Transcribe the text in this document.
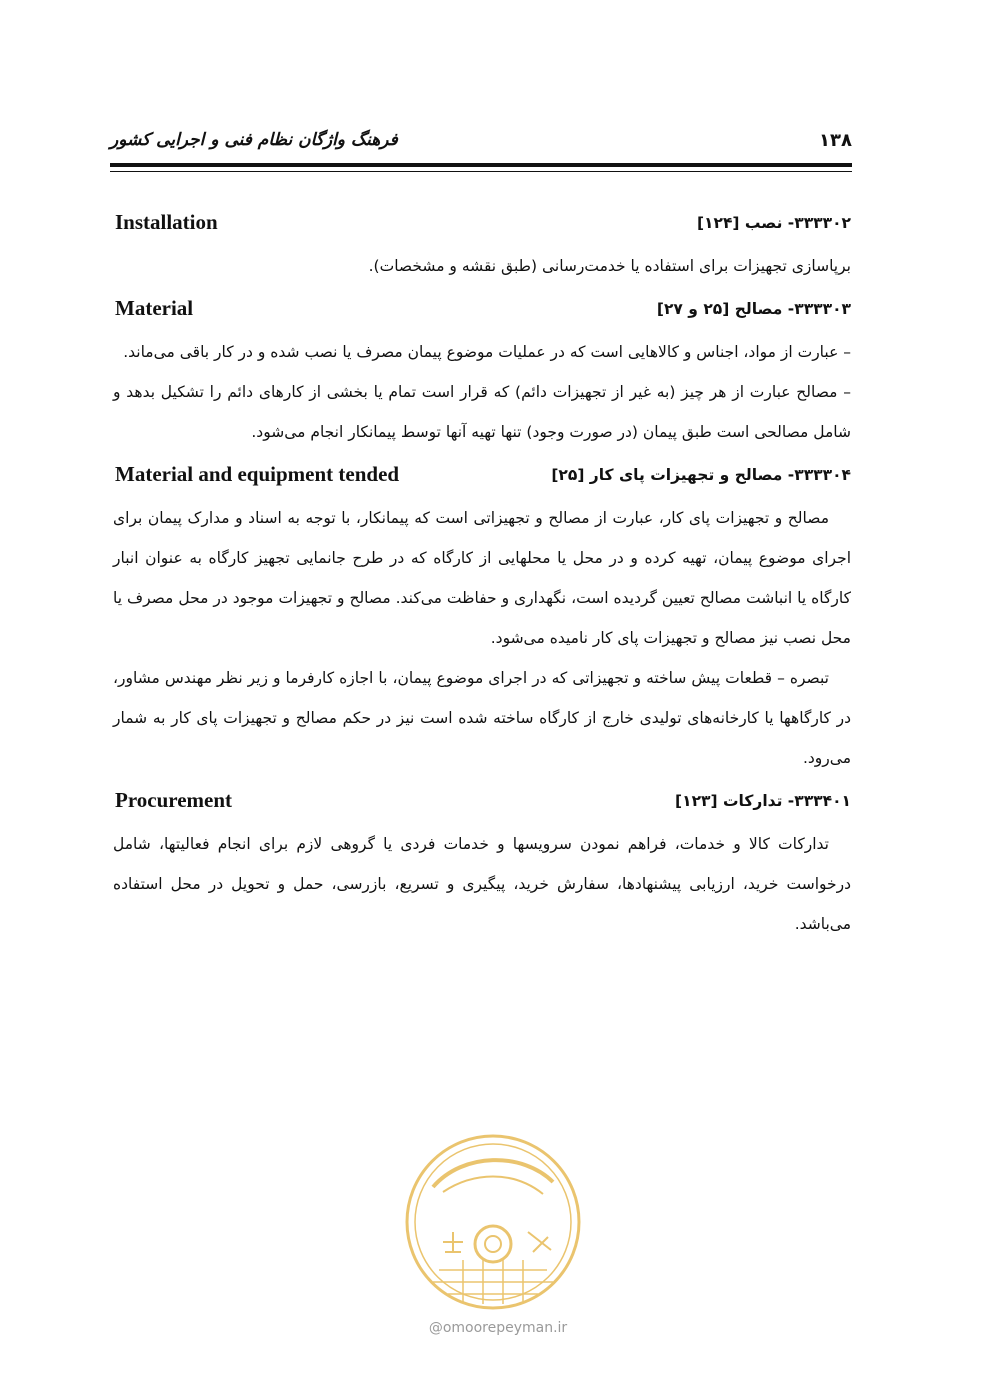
فرهنگ واژگان نظام فنی و اجرایی کشور	۱۳۸
۳۳۳۳۰۲- نصب [۱۲۴]
Installation

برپاسازی تجهیزات برای استفاده یا خدمت‌رسانی (طبق نقشه و مشخصات).

۳۳۳۳۰۳- مصالح [۲۵ و ۲۷]
Material

– عبارت از مواد، اجناس و کالاهایی است که در عملیات موضوع پیمان مصرف یا نصب شده و در کار باقی می‌ماند.

– مصالح عبارت از هر چیز (به غیر از تجهیزات دائم) که قرار است تمام یا بخشی از کارهای دائم را تشکیل بدهد و شامل مصالحی است طبق پیمان (در صورت وجود) تنها تهیه آنها توسط پیمانکار انجام می‌شود.

۳۳۳۳۰۴- مصالح و تجهیزات پای کار [۲۵]
Material and equipment tended

مصالح و تجهیزات پای کار، عبارت از مصالح و تجهیزاتی است که پیمانکار، با توجه به اسناد و مدارک پیمان برای اجرای موضوع پیمان، تهیه کرده و در محل یا محلهایی از کارگاه که در طرح جانمایی تجهیز کارگاه به عنوان انبار کارگاه یا انباشت مصالح تعیین گردیده است، نگهداری و حفاظت می‌کند. مصالح و تجهیزات موجود در محل مصرف یا محل نصب نیز مصالح و تجهیزات پای کار نامیده می‌شود.

تبصره – قطعات پیش ساخته و تجهیزاتی که در اجرای موضوع پیمان، با اجازه کارفرما و زیر نظر مهندس مشاور، در کارگاهها یا کارخانه‌های تولیدی خارج از کارگاه ساخته شده است نیز در حکم مصالح و تجهیزات پای کار به شمار می‌رود.

۳۳۳۴۰۱- تدارکات [۱۲۳]
Procurement

تدارکات کالا و خدمات، فراهم نمودن سرویسها و خدمات فردی یا گروهی لازم برای انجام فعالیتها، شامل درخواست خرید، ارزیابی پیشنهادها، سفارش خرید، پیگیری و تسریع، بازرسی، حمل و تحویل در محل استفاده می‌باشد.

@omoorepeyman.ir
